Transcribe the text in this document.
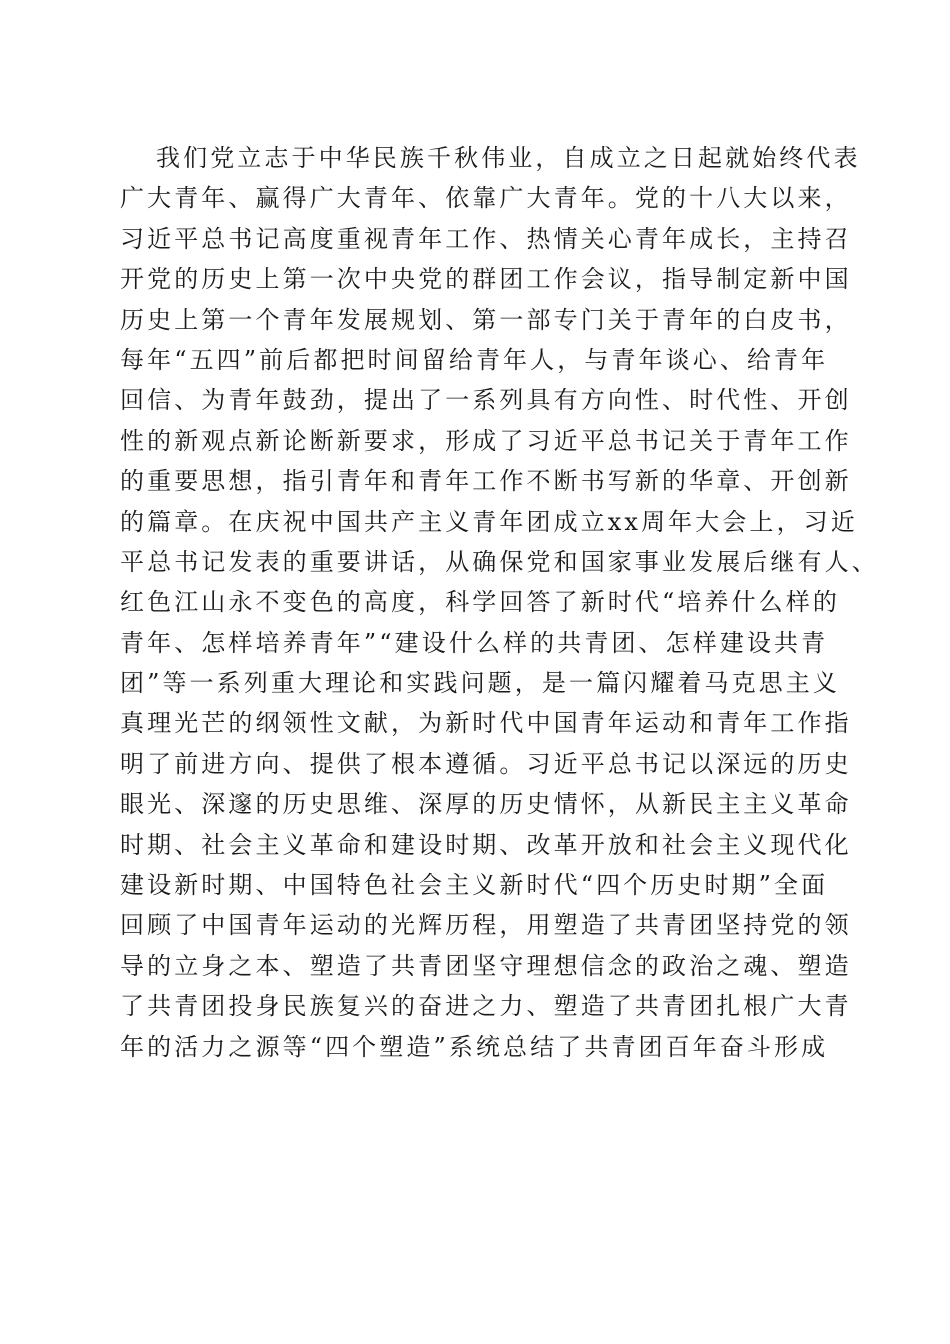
我们党立志于中华民族千秋伟业，自成立之日起就始终代表
广大青年、赢得广大青年、依靠广大青年。党的十八大以来，
习近平总书记高度重视青年工作、热情关心青年成长，主持召
开党的历史上第一次中央党的群团工作会议，指导制定新中国
历史上第一个青年发展规划、第一部专门关于青年的白皮书，
每年“五四”前后都把时间留给青年人，与青年谈心、给青年
回信、为青年鼓劲，提出了一系列具有方向性、时代性、开创
性的新观点新论断新要求，形成了习近平总书记关于青年工作
的重要思想，指引青年和青年工作不断书写新的华章、开创新
的篇章。在庆祝中国共产主义青年团成立xx周年大会上，习近
平总书记发表的重要讲话，从确保党和国家事业发展后继有人、
红色江山永不变色的高度，科学回答了新时代“培养什么样的
青年、怎样培养青年”“建设什么样的共青团、怎样建设共青
团”等一系列重大理论和实践问题，是一篇闪耀着马克思主义
真理光芒的纲领性文献，为新时代中国青年运动和青年工作指
明了前进方向、提供了根本遵循。习近平总书记以深远的历史
眼光、深邃的历史思维、深厚的历史情怀，从新民主主义革命
时期、社会主义革命和建设时期、改革开放和社会主义现代化
建设新时期、中国特色社会主义新时代“四个历史时期”全面
回顾了中国青年运动的光辉历程，用塑造了共青团坚持党的领
导的立身之本、塑造了共青团坚守理想信念的政治之魂、塑造
了共青团投身民族复兴的奋进之力、塑造了共青团扎根广大青
年的活力之源等“四个塑造”系统总结了共青团百年奋斗形成
